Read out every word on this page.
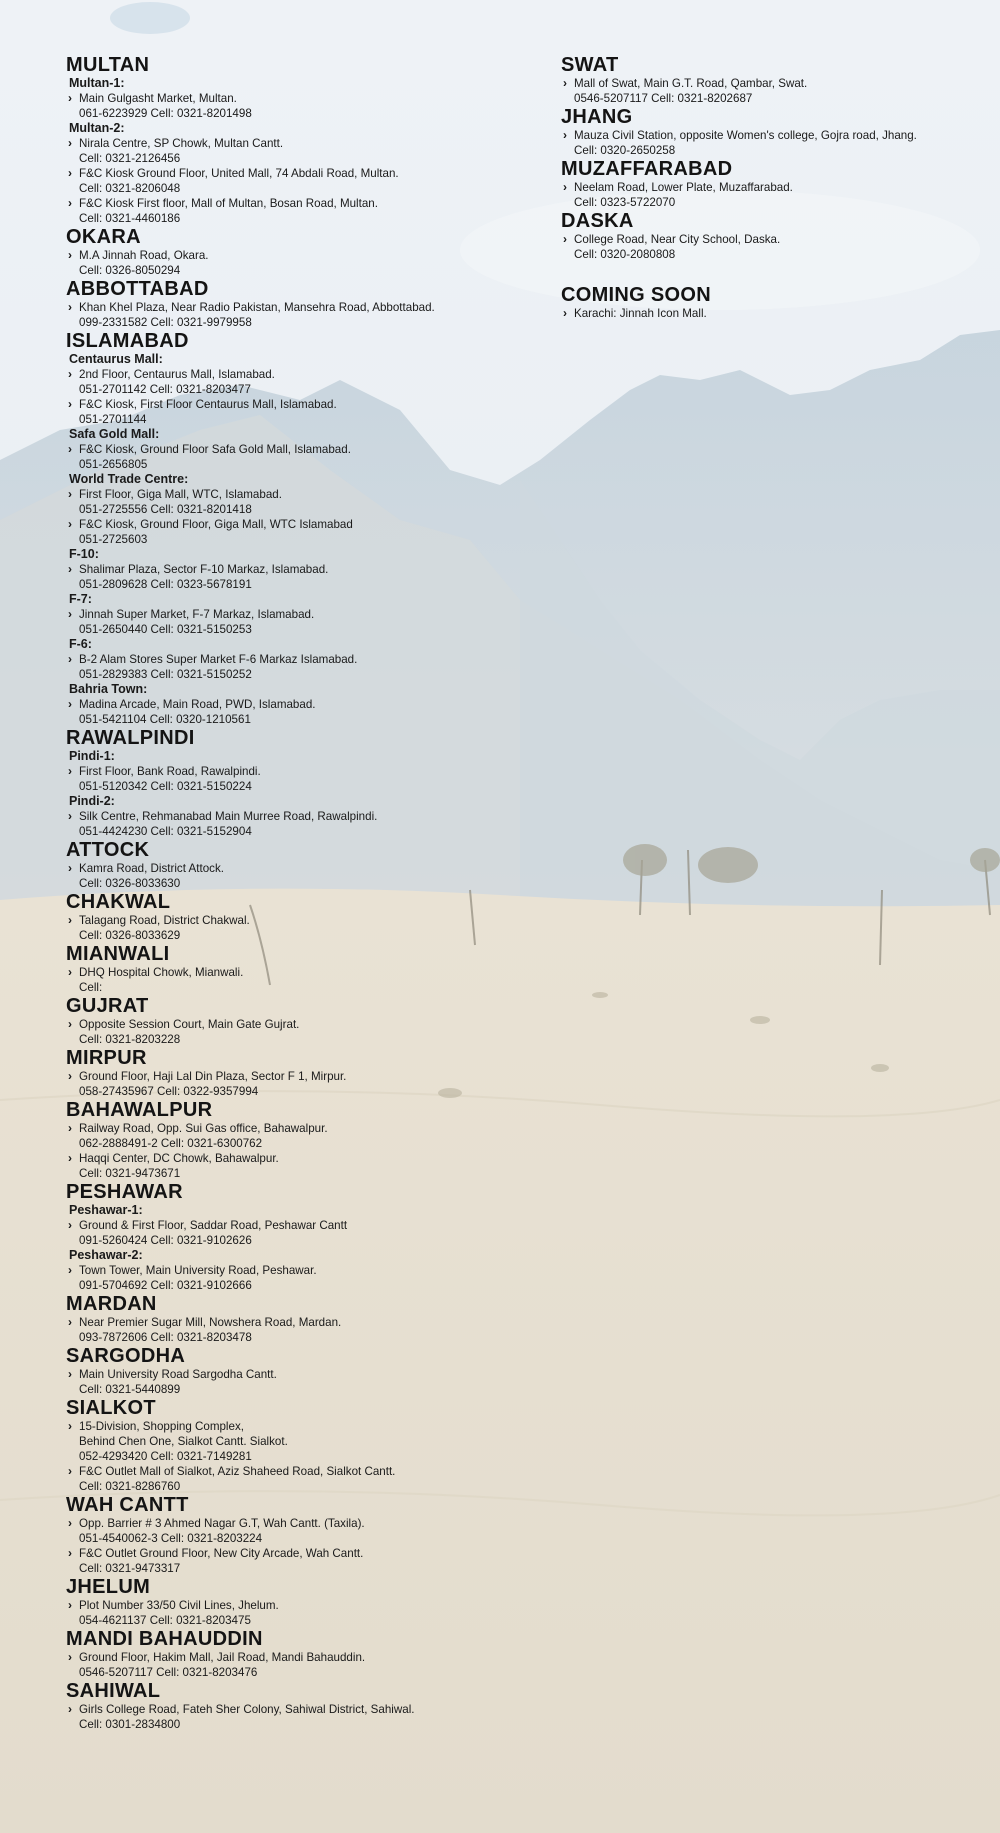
MULTAN
Multan-1:
› Main Gulgasht Market, Multan.
061-6223929 Cell: 0321-8201498
Multan-2:
› Nirala Centre, SP Chowk, Multan Cantt.
Cell: 0321-2126456
› F&C Kiosk Ground Floor, United Mall, 74 Abdali Road, Multan.
Cell: 0321-8206048
› F&C Kiosk First floor, Mall of Multan, Bosan Road, Multan.
Cell: 0321-4460186
OKARA
› M.A Jinnah Road, Okara.
Cell: 0326-8050294
ABBOTTABAD
› Khan Khel Plaza, Near Radio Pakistan, Mansehra Road, Abbottabad.
099-2331582 Cell: 0321-9979958
ISLAMABAD
Centaurus Mall:
› 2nd Floor, Centaurus Mall, Islamabad.
051-2701142 Cell: 0321-8203477
› F&C Kiosk, First Floor Centaurus Mall, Islamabad.
051-2701144
Safa Gold Mall:
› F&C Kiosk, Ground Floor Safa Gold Mall, Islamabad.
051-2656805
World Trade Centre:
› First Floor, Giga Mall, WTC, Islamabad.
051-2725556 Cell: 0321-8201418
› F&C Kiosk, Ground Floor, Giga Mall, WTC Islamabad
051-2725603
F-10:
› Shalimar Plaza, Sector F-10 Markaz, Islamabad.
051-2809628 Cell: 0323-5678191
F-7:
› Jinnah Super Market, F-7 Markaz, Islamabad.
051-2650440 Cell: 0321-5150253
F-6:
› B-2 Alam Stores Super Market F-6 Markaz Islamabad.
051-2829383 Cell: 0321-5150252
Bahria Town:
› Madina Arcade, Main Road, PWD, Islamabad.
051-5421104 Cell: 0320-1210561
RAWALPINDI
Pindi-1:
› First Floor, Bank Road, Rawalpindi.
051-5120342 Cell: 0321-5150224
Pindi-2:
› Silk Centre, Rehmanabad Main Murree Road, Rawalpindi.
051-4424230 Cell: 0321-5152904
ATTOCK
› Kamra Road, District Attock.
Cell: 0326-8033630
CHAKWAL
› Talagang Road, District Chakwal.
Cell: 0326-8033629
MIANWALI
› DHQ Hospital Chowk, Mianwali.
Cell:
GUJRAT
› Opposite Session Court, Main Gate Gujrat.
Cell: 0321-8203228
MIRPUR
› Ground Floor, Haji Lal Din Plaza, Sector F 1, Mirpur.
058-27435967 Cell: 0322-9357994
BAHAWALPUR
› Railway Road, Opp. Sui Gas office, Bahawalpur.
062-2888491-2 Cell: 0321-6300762
› Haqqi Center, DC Chowk, Bahawalpur.
Cell: 0321-9473671
PESHAWAR
Peshawar-1:
› Ground & First Floor, Saddar Road, Peshawar Cantt
091-5260424 Cell: 0321-9102626
Peshawar-2:
› Town Tower, Main University Road, Peshawar.
091-5704692 Cell: 0321-9102666
MARDAN
› Near Premier Sugar Mill, Nowshera Road, Mardan.
093-7872606 Cell: 0321-8203478
SARGODHA
› Main University Road Sargodha Cantt.
Cell: 0321-5440899
SIALKOT
› 15-Division, Shopping Complex,
Behind Chen One, Sialkot Cantt. Sialkot.
052-4293420 Cell: 0321-7149281
› F&C Outlet Mall of Sialkot, Aziz Shaheed Road, Sialkot Cantt.
Cell: 0321-8286760
WAH CANTT
› Opp. Barrier # 3 Ahmed Nagar G.T, Wah Cantt. (Taxila).
051-4540062-3 Cell: 0321-8203224
› F&C Outlet Ground Floor, New City Arcade, Wah Cantt.
Cell: 0321-9473317
JHELUM
› Plot Number 33/50 Civil Lines, Jhelum.
054-4621137 Cell: 0321-8203475
MANDI BAHAUDDIN
› Ground Floor, Hakim Mall, Jail Road, Mandi Bahauddin.
0546-5207117 Cell: 0321-8203476
SAHIWAL
› Girls College Road, Fateh Sher Colony, Sahiwal District, Sahiwal.
Cell: 0301-2834800
SWAT
› Mall of Swat, Main G.T. Road, Qambar, Swat.
0546-5207117 Cell: 0321-8202687
JHANG
› Mauza Civil Station, opposite Women's college, Gojra road, Jhang.
Cell: 0320-2650258
MUZAFFARABAD
› Neelam Road, Lower Plate, Muzaffarabad.
Cell: 0323-5722070
DASKA
› College Road, Near City School, Daska.
Cell: 0320-2080808
COMING SOON
› Karachi: Jinnah Icon Mall.
